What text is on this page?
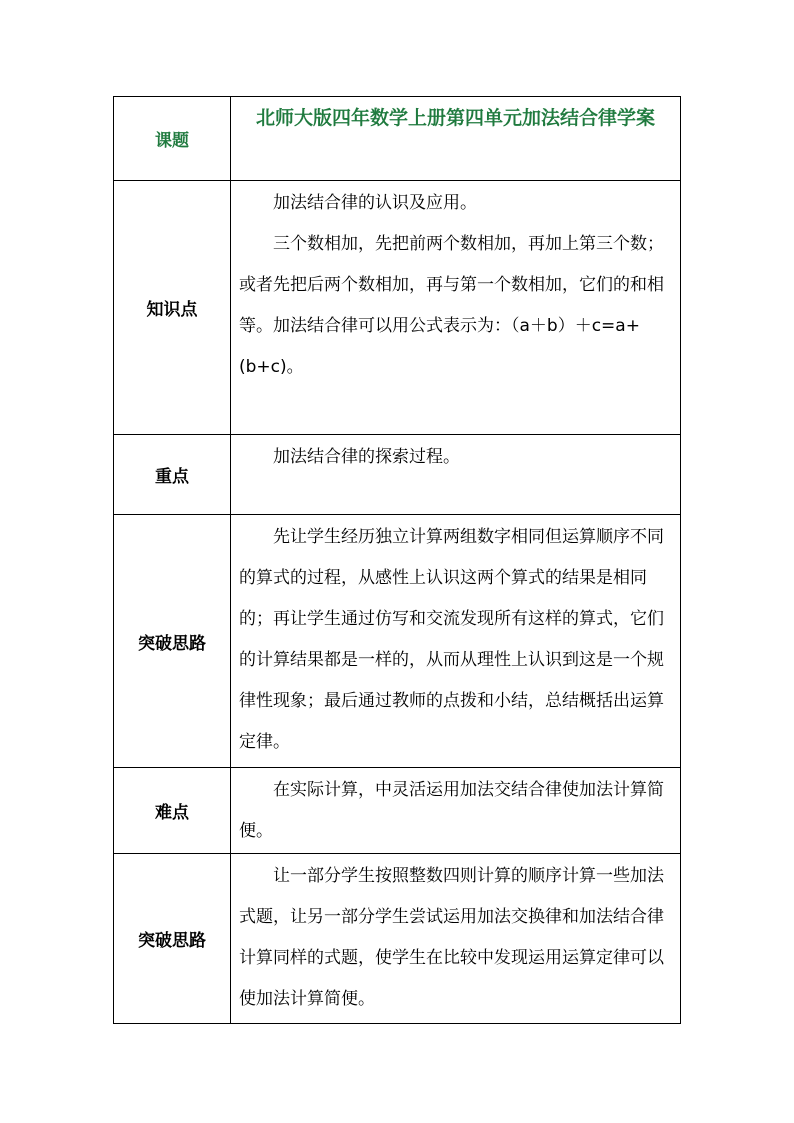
课题	北师大版四年数学上册第四单元加法结合律学案
知识点	加法结合律的认识及应用。

三个数相加，先把前两个数相加，再加上第三个数；或者先把后两个数相加，再与第一个数相加，它们的和相等。加法结合律可以用公式表示为：（a＋b）＋c=a+(b+c)。

重点	加法结合律的探索过程。

突破思路	先让学生经历独立计算两组数字相同但运算顺序不同的算式的过程，从感性上认识这两个算式的结果是相同的；再让学生通过仿写和交流发现所有这样的算式，它们的计算结果都是一样的，从而从理性上认识到这是一个规律性现象；最后通过教师的点拨和小结，总结概括出运算定律。

难点	在实际计算，中灵活运用加法交结合律使加法计算简便。

突破思路	让一部分学生按照整数四则计算的顺序计算一些加法式题，让另一部分学生尝试运用加法交换律和加法结合律计算同样的式题，使学生在比较中发现运用运算定律可以使加法计算简便。
